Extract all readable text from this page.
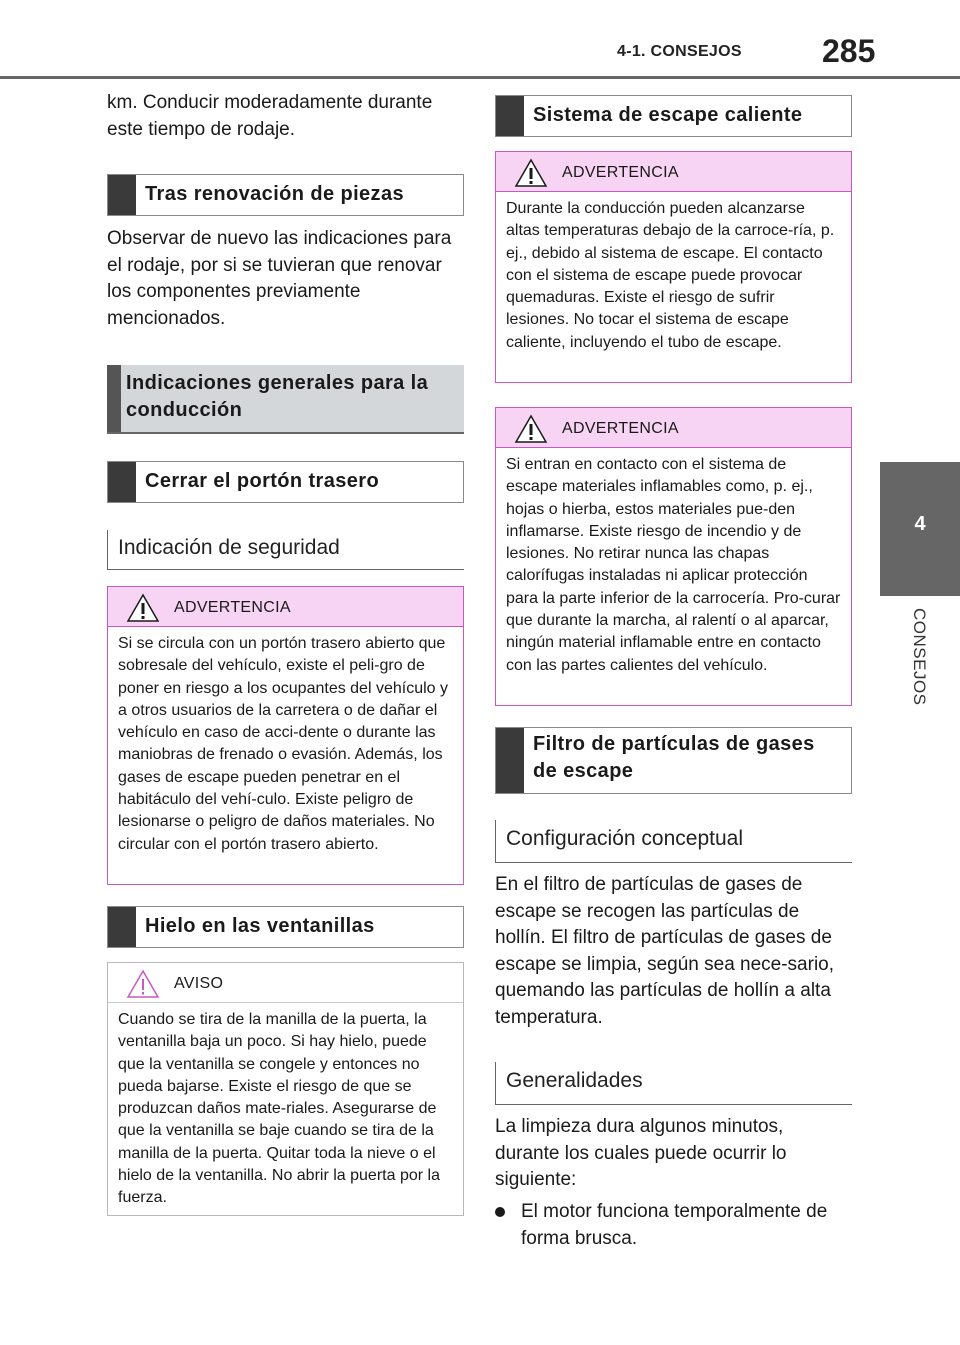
4-1. CONSEJOS	285
4
CONSEJOS

km. Conducir moderadamente durante este tiempo de rodaje.

Tras renovación de piezas

Observar de nuevo las indicaciones para el rodaje, por si se tuvieran que renovar los componentes previamente mencionados.

Indicaciones generales para la conducción
Cerrar el portón trasero
Indicación de seguridad
ADVERTENCIA
Si se circula con un portón trasero abierto que sobresale del vehículo, existe el peli-gro de poner en riesgo a los ocupantes del vehículo y a otros usuarios de la carretera o de dañar el vehículo en caso de acci-dente o durante las maniobras de frenado o evasión. Además, los gases de escape pueden penetrar en el habitáculo del vehí-culo. Existe peligro de lesionarse o peligro de daños materiales. No circular con el portón trasero abierto.
Hielo en las ventanillas
AVISO
Cuando se tira de la manilla de la puerta, la ventanilla baja un poco. Si hay hielo, puede que la ventanilla se congele y entonces no pueda bajarse. Existe el riesgo de que se produzcan daños mate-riales. Asegurarse de que la ventanilla se baje cuando se tira de la manilla de la puerta. Quitar toda la nieve o el hielo de la ventanilla. No abrir la puerta por la fuerza.
Sistema de escape caliente
ADVERTENCIA
Durante la conducción pueden alcanzarse altas temperaturas debajo de la carroce-ría, p. ej., debido al sistema de escape. El contacto con el sistema de escape puede provocar quemaduras. Existe el riesgo de sufrir lesiones. No tocar el sistema de escape caliente, incluyendo el tubo de escape.
ADVERTENCIA
Si entran en contacto con el sistema de escape materiales inflamables como, p. ej., hojas o hierba, estos materiales pue-den inflamarse. Existe riesgo de incendio y de lesiones. No retirar nunca las chapas calorífugas instaladas ni aplicar protección para la parte inferior de la carrocería. Pro-curar que durante la marcha, al ralentí o al aparcar, ningún material inflamable entre en contacto con las partes calientes del vehículo.
Filtro de partículas de gases de escape
Configuración conceptual

En el filtro de partículas de gases de escape se recogen las partículas de hollín. El filtro de partículas de gases de escape se limpia, según sea nece-sario, quemando las partículas de hollín a alta temperatura.

Generalidades

La limpieza dura algunos minutos, durante los cuales puede ocurrir lo siguiente:

El motor funciona temporalmente de forma brusca.
